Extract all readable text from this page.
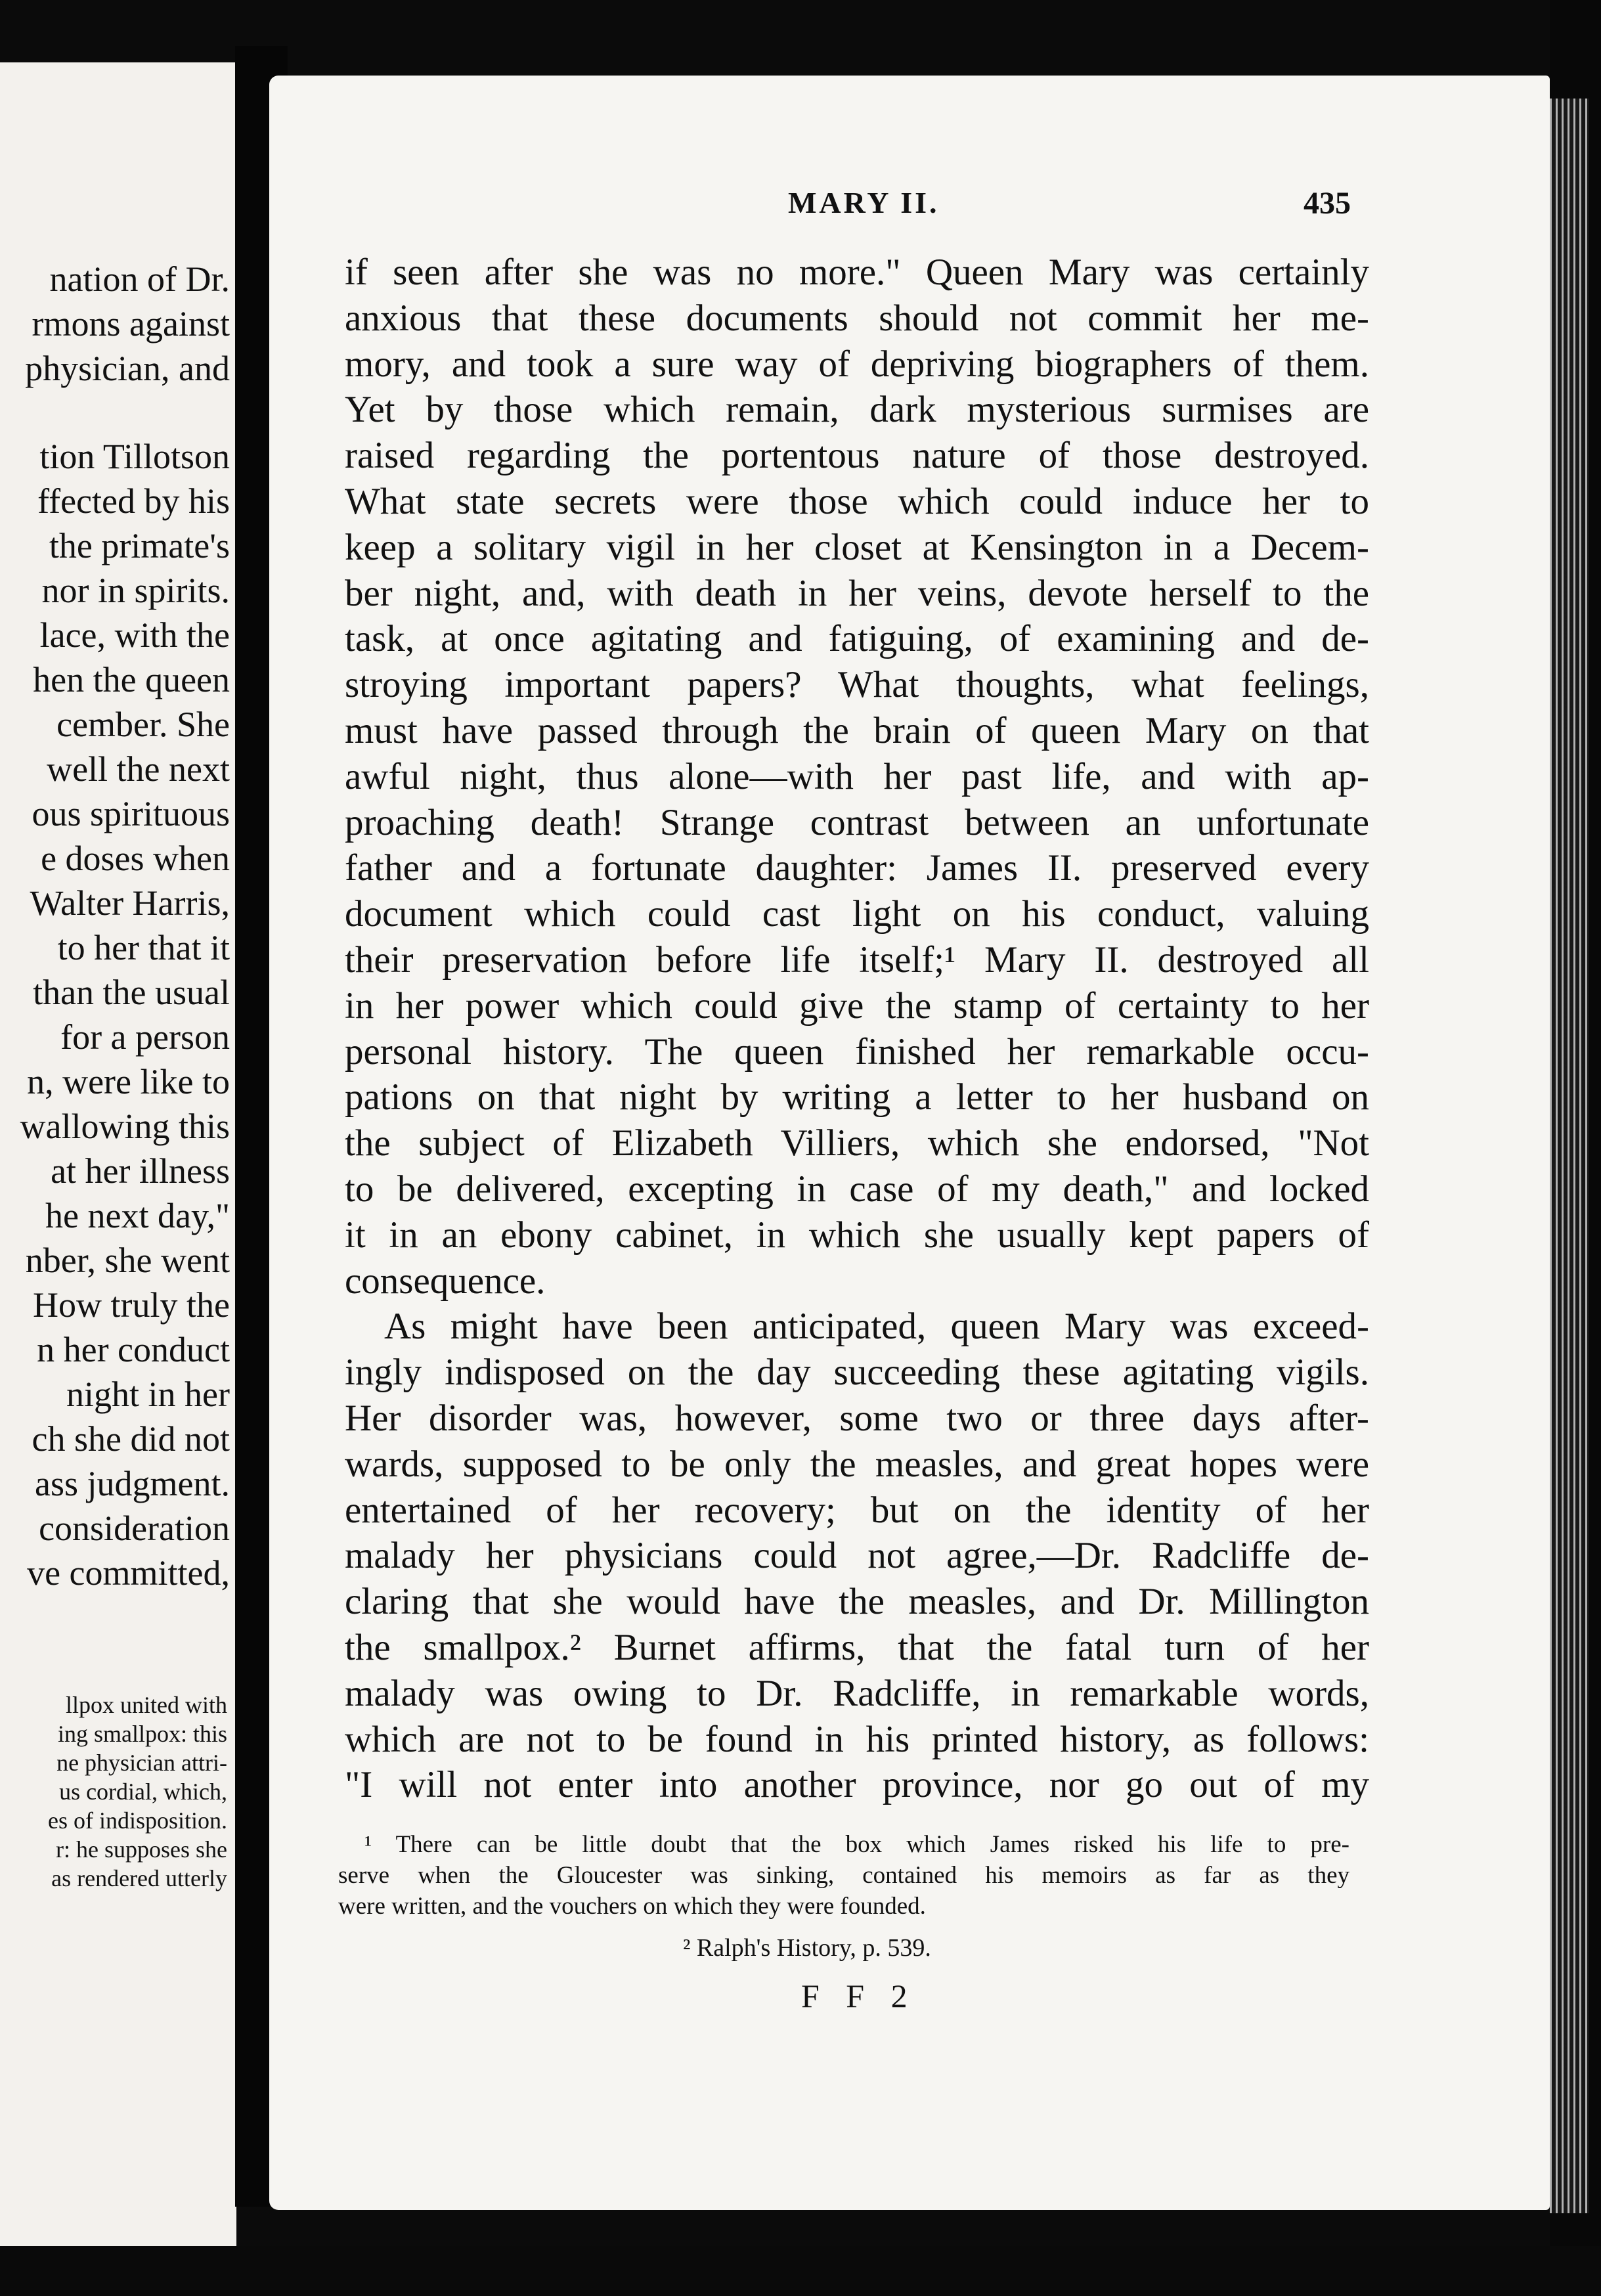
nation of Dr.
rmons against
physician, and
tion Tillotson
ffected by his
the primate's
nor in spirits.
lace, with the
hen the queen
cember. She
well the next
ous spirituous
e doses when
Walter Harris,
to her that it
than the usual
for a person
n, were like to
wallowing this
at her illness
he next day,"
nber, she went
How truly the
n her conduct
night in her
ch she did not
ass judgment.
consideration
ve committed,
llpox united with
ing smallpox: this
ne physician attri-
us cordial, which,
es of indisposition.
r: he supposes she
as rendered utterly
MARY II.	435
if seen after she was no more." Queen Mary was certainly
anxious that these documents should not commit her me-
mory, and took a sure way of depriving biographers of them.
Yet by those which remain, dark mysterious surmises are
raised regarding the portentous nature of those destroyed.
What state secrets were those which could induce her to
keep a solitary vigil in her closet at Kensington in a Decem-
ber night, and, with death in her veins, devote herself to the
task, at once agitating and fatiguing, of examining and de-
stroying important papers? What thoughts, what feelings,
must have passed through the brain of queen Mary on that
awful night, thus alone—with her past life, and with ap-
proaching death! Strange contrast between an unfortunate
father and a fortunate daughter: James II. preserved every
document which could cast light on his conduct, valuing
their preservation before life itself;¹ Mary II. destroyed all
in her power which could give the stamp of certainty to her
personal history. The queen finished her remarkable occu-
pations on that night by writing a letter to her husband on
the subject of Elizabeth Villiers, which she endorsed, "Not
to be delivered, excepting in case of my death," and locked
it in an ebony cabinet, in which she usually kept papers of
consequence.
As might have been anticipated, queen Mary was exceed-
ingly indisposed on the day succeeding these agitating vigils.
Her disorder was, however, some two or three days after-
wards, supposed to be only the measles, and great hopes were
entertained of her recovery; but on the identity of her
malady her physicians could not agree,—Dr. Radcliffe de-
claring that she would have the measles, and Dr. Millington
the smallpox.² Burnet affirms, that the fatal turn of her
malady was owing to Dr. Radcliffe, in remarkable words,
which are not to be found in his printed history, as follows:
"I will not enter into another province, nor go out of my
¹ There can be little doubt that the box which James risked his life to pre-
serve when the Gloucester was sinking, contained his memoirs as far as they
were written, and the vouchers on which they were founded.
² Ralph's History, p. 539.
F F 2
